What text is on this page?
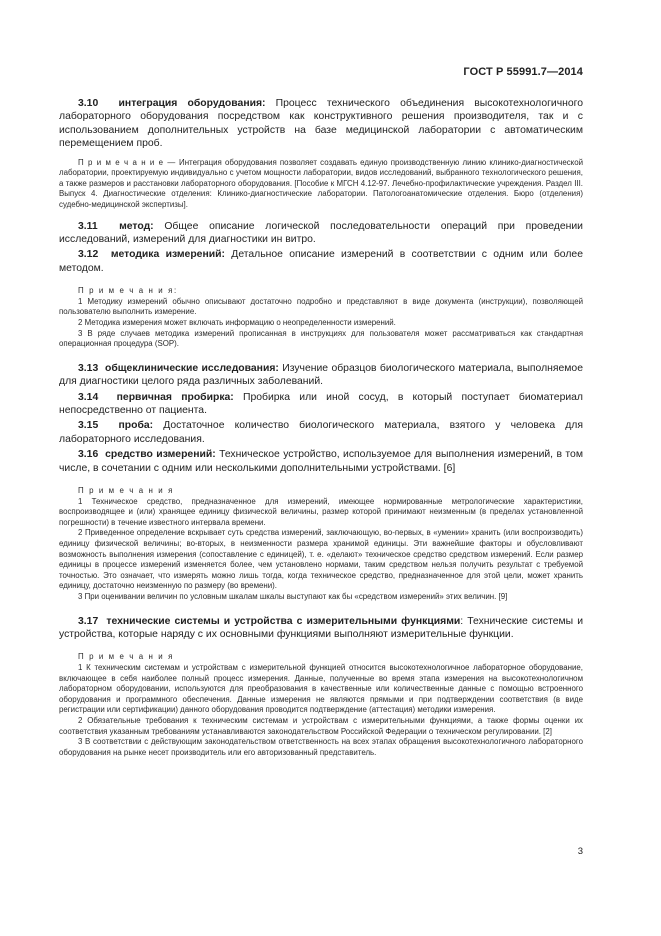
ГОСТ Р 55991.7—2014

3.10 интеграция оборудования: Процесс технического объединения высокотехнологичного лабораторного оборудования посредством как конструктивного решения производителя, так и с использованием дополнительных устройств на базе медицинской лаборатории с автоматическим перемещением проб.

П р и м е ч а н и е — Интеграция оборудования позволяет создавать единую производственную линию клинико-диагностической лаборатории, проектируемую индивидуально с учетом мощности лаборатории, видов исследований, выбранного технологического решения, а также размеров и расстановки лабораторного оборудования. [Пособие к МГСН 4.12-97. Лечебно-профилактические учреждения. Раздел III. Выпуск 4. Диагностические отделения: Клинико-диагностические лаборатории. Патологоанатомические отделения. Бюро (отделения) судебно-медицинской экспертизы].

3.11 метод: Общее описание логической последовательности операций при проведении исследований, измерений для диагностики ин витро.

3.12 методика измерений: Детальное описание измерений в соответствии с одним или более методом.

П р и м е ч а н и я:

1 Методику измерений обычно описывают достаточно подробно и представляют в виде документа (инструкции), позволяющей пользователю выполнить измерение.

2 Методика измерения может включать информацию о неопределенности измерений.

3 В ряде случаев методика измерений прописанная в инструкциях для пользователя может рассматриваться как стандартная операционная процедура (SOP).

3.13 общеклинические исследования: Изучение образцов биологического материала, выполняемое для диагностики целого ряда различных заболеваний.

3.14 первичная пробирка: Пробирка или иной сосуд, в который поступает биоматериал непосредственно от пациента.

3.15 проба: Достаточное количество биологического материала, взятого у человека для лабораторного исследования.

3.16 средство измерений: Техническое устройство, используемое для выполнения измерений, в том числе, в сочетании с одним или несколькими дополнительными устройствами. [6]

П р и м е ч а н и я

1 Техническое средство, предназначенное для измерений, имеющее нормированные метрологические характеристики, воспроизводящее и (или) хранящее единицу физической величины, размер которой принимают неизменным (в пределах установленной погрешности) в течение известного интервала времени.

2 Приведенное определение вскрывает суть средства измерений, заключающую, во-первых, в «умении» хранить (или воспроизводить) единицу физической величины; во-вторых, в неизменности размера хранимой единицы. Эти важнейшие факторы и обусловливают возможность выполнения измерения (сопоставление с единицей), т. е. «делают» техническое средство средством измерений. Если размер единицы в процессе измерений изменяется более, чем установлено нормами, таким средством нельзя получить результат с требуемой точностью. Это означает, что измерять можно лишь тогда, когда техническое средство, предназначенное для этой цели, может хранить единицу, достаточно неизменную по размеру (во времени).

3 При оценивании величин по условным шкалам шкалы выступают как бы «средством измерений» этих величин. [9]

3.17 технические системы и устройства с измерительными функциями: Технические системы и устройства, которые наряду с их основными функциями выполняют измерительные функции.

П р и м е ч а н и я

1 К техническим системам и устройствам с измерительной функцией относится высокотехнологичное лабораторное оборудование, включающее в себя наиболее полный процесс измерения. Данные, полученные во время этапа измерения на высокотехнологичном лабораторном оборудовании, используются для преобразования в качественные или количественные данные с помощью встроенного оборудования и программного обеспечения. Данные измерения не являются прямыми и при подтверждении соответствия (в виде регистрации или сертификации) данного оборудования проводится подтверждение (аттестация) методики измерения.

2 Обязательные требования к техническим системам и устройствам с измерительными функциями, а также формы оценки их соответствия указанным требованиям устанавливаются законодательством Российской Федерации о техническом регулировании. [2]

3 В соответствии с действующим законодательством ответственность на всех этапах обращения высокотехнологичного лабораторного оборудования на рынке несет производитель или его авторизованный представитель.

3
